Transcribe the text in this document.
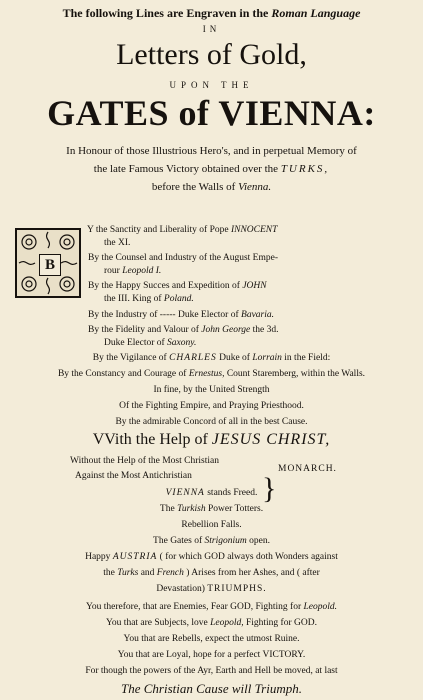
The following Lines are Engraven in the Roman Language
IN
Letters of Gold,
UPON THE
GATES of VIENNA:
In Honour of those Illustrious Hero's, and in perpetual Memory of
the late Famous Victory obtained over the TURKS,
before the Walls of Vienna.
B
Y the Sanctity and Liberality of Pope INNOCENT
the XI.
By the Counsel and Industry of the August Empe-
rour Leopold I.
By the Happy Succes and Expedition of JOHN
the III. King of Poland.
By the Industry of ----- Duke Elector of Bavaria.
By the Fidelity and Valour of John George the 3d.
Duke Elector of Saxony.
By the Vigilance of CHARLES Duke of Lorrain in the Field:
By the Constancy and Courage of Ernestus, Count Staremberg, within the Walls.
In fine, by the United Strength
Of the Fighting Empire, and Praying Priesthood.
By the admirable Concord of all in the best Cause.
VVith the Help of JESUS CHRIST,
Without the Help of the Most Christian
Against the Most Antichristian }
MONARCH.
VIENNA stands Freed.
The Turkish Power Totters.
Rebellion Falls.
The Gates of Strigonium open.
Happy AUSTRIA ( for which GOD always doth Wonders against
the Turks and French ) Arises from her Ashes, and ( after
Devastation) TRIUMPHS.
You therefore, that are Enemies, Fear GOD, Fighting for Leopold.
You that are Subjects, love Leopold, Fighting for GOD.
You that are Rebells, expect the utmost Ruine.
You that are Loyal, hope for a perfect VICTORY.
For though the powers of the Ayr, Earth and Hell be moved, at last
The Christian Cause will Triumph.
